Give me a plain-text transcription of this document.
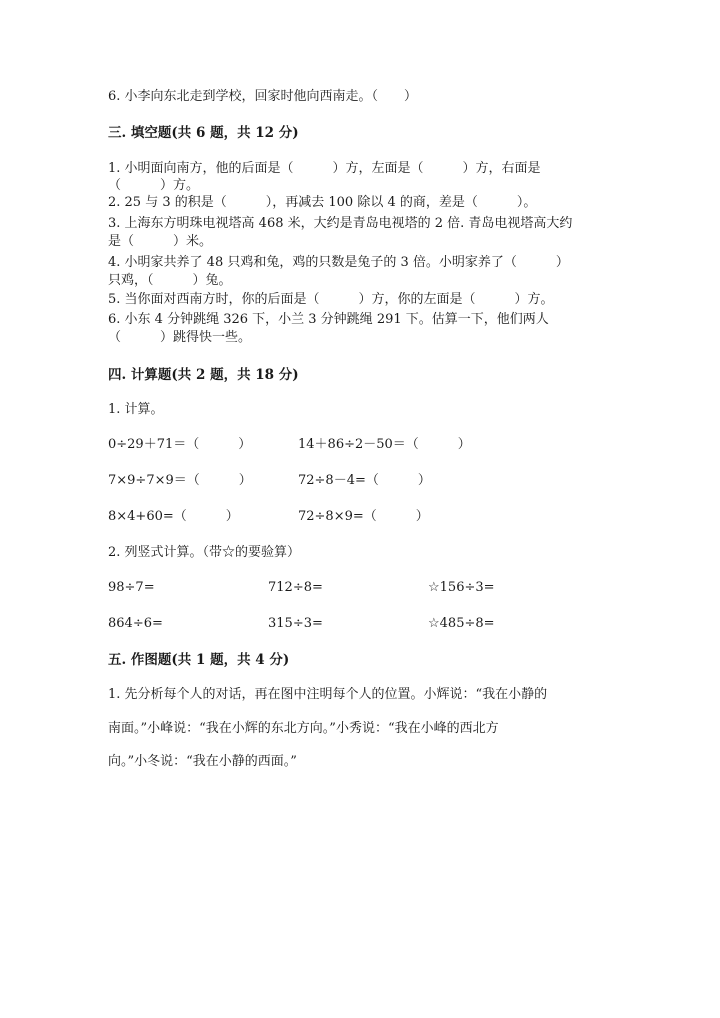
6. 小李向东北走到学校，回家时他向西南走。（　　）
三. 填空题(共 6 题，共 12 分)
1. 小明面向南方，他的后面是（　　　）方，左面是（　　　）方，右面是
（　　　）方。
2. 25 与 3 的积是（　　　），再减去 100 除以 4 的商，差是（　　　）。
3. 上海东方明珠电视塔高 468 米，大约是青岛电视塔的 2 倍. 青岛电视塔高大约
是（　　　）米。
4. 小明家共养了 48 只鸡和兔，鸡的只数是兔子的 3 倍。小明家养了（　　　）
只鸡，（　　　）兔。
5. 当你面对西南方时，你的后面是（　　　）方，你的左面是（　　　）方。
6. 小东 4 分钟跳绳 326 下，小兰 3 分钟跳绳 291 下。估算一下，他们两人
（　　　）跳得快一些。
四. 计算题(共 2 题，共 18 分)
1. 计算。
0÷29＋71＝（　　　）	14＋86÷2－50＝（　　　）
7×9÷7×9＝（　　　）	72÷8－4=（　　　）
8×4+60=（　　　）	72÷8×9=（　　　）
2. 列竖式计算。（带☆的要验算）
98÷7=	712÷8=	☆156÷3=
864÷6=	315÷3=	☆485÷8=
五. 作图题(共 1 题，共 4 分)
1. 先分析每个人的对话，再在图中注明每个人的位置。小辉说：“我在小静的
南面。”小峰说：“我在小辉的东北方向。”小秀说：“我在小峰的西北方
向。”小冬说：“我在小静的西面。”
